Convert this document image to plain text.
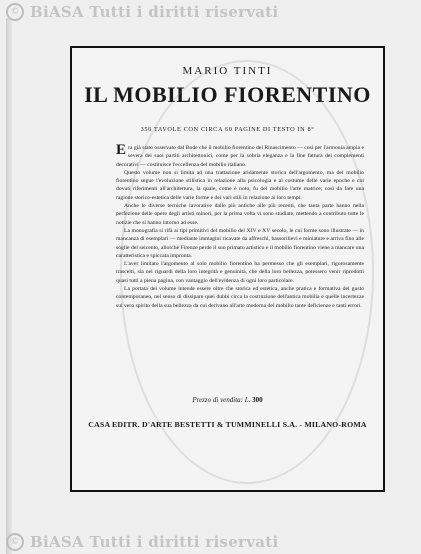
© BiASA Tutti i diritti riservati
MARIO TINTI
IL MOBILIO FIORENTINO
350 TAVOLE CON CIRCA 60 PAGINE DI TESTO IN 8°

Era già stato osservato dal Bode che il mobilio fiorentino del Rinascimento — così per l'armonia ampia e severa dei suoi partiti architettonici, come per la sobria eleganza e la fine fattura dei complementi decorativi — costituisce l'eccellenza del mobilio italiano.

Questo volume non si limita ad una trattazione aridamente storica dell'argomento, ma del mobilio fiorentino segue l'evoluzione stilistica in relazione alla psicologia e al costume delle varie epoche e coi dovuti riferimenti all'architettura, la quale, come è noto, fu del mobilio l'arte matrice; così da fare una ragione storico-estetica delle varie forme e dei vari stili in relazione ai loro tempi.

Anche le diverse tecniche lavorative dalle più antiche alle più recenti, che tanta parte hanno nella perfezione delle opere degli artisti minori, per la prima volta vi sono studiate, mettendo a contributo tutte le notizie che si hanno intorno ad esse.

La monografia si rifà ai tipi primitivi del mobilio del XIV e XV secolo, le cui forme sono illustrate — in mancanza di esemplari — mediante immagini ricavate da affreschi, bassorilievi e miniature e arriva fino alle soglie del seicento, allorchè Firenze perde il suo primato artistico e il mobilio fiorentino viene a mancare una caratteristica e spiccata impronta.

L'aver limitato l'argomento al solo mobilio fiorentino ha permesso che gli esemplari, rigorosamente trascelti, sia nei riguardi della loro integrità e genuinità, che della loro bellezza, potessero venir riprodotti quasi tutti a piena pagina, con vantaggio dell'evidenza di ogni loro particolare.

La portata del volume intende essere oltre che storica ed estetica, anche pratica e formativa del gusto contemporaneo, nel senso di dissipare quei dubbi circa la costruzione dell'antica mobilia e quelle incertezze sul vero spirito della sua bellezza da cui derivano all'arte moderna del mobilio tante deficienze e tanti errori.

Prezzo di vendita: L. 300
CASA EDITR. D'ARTE BESTETTI & TUMMINELLI S.A. - MILANO-ROMA
© BiASA Tutti i diritti riservati
